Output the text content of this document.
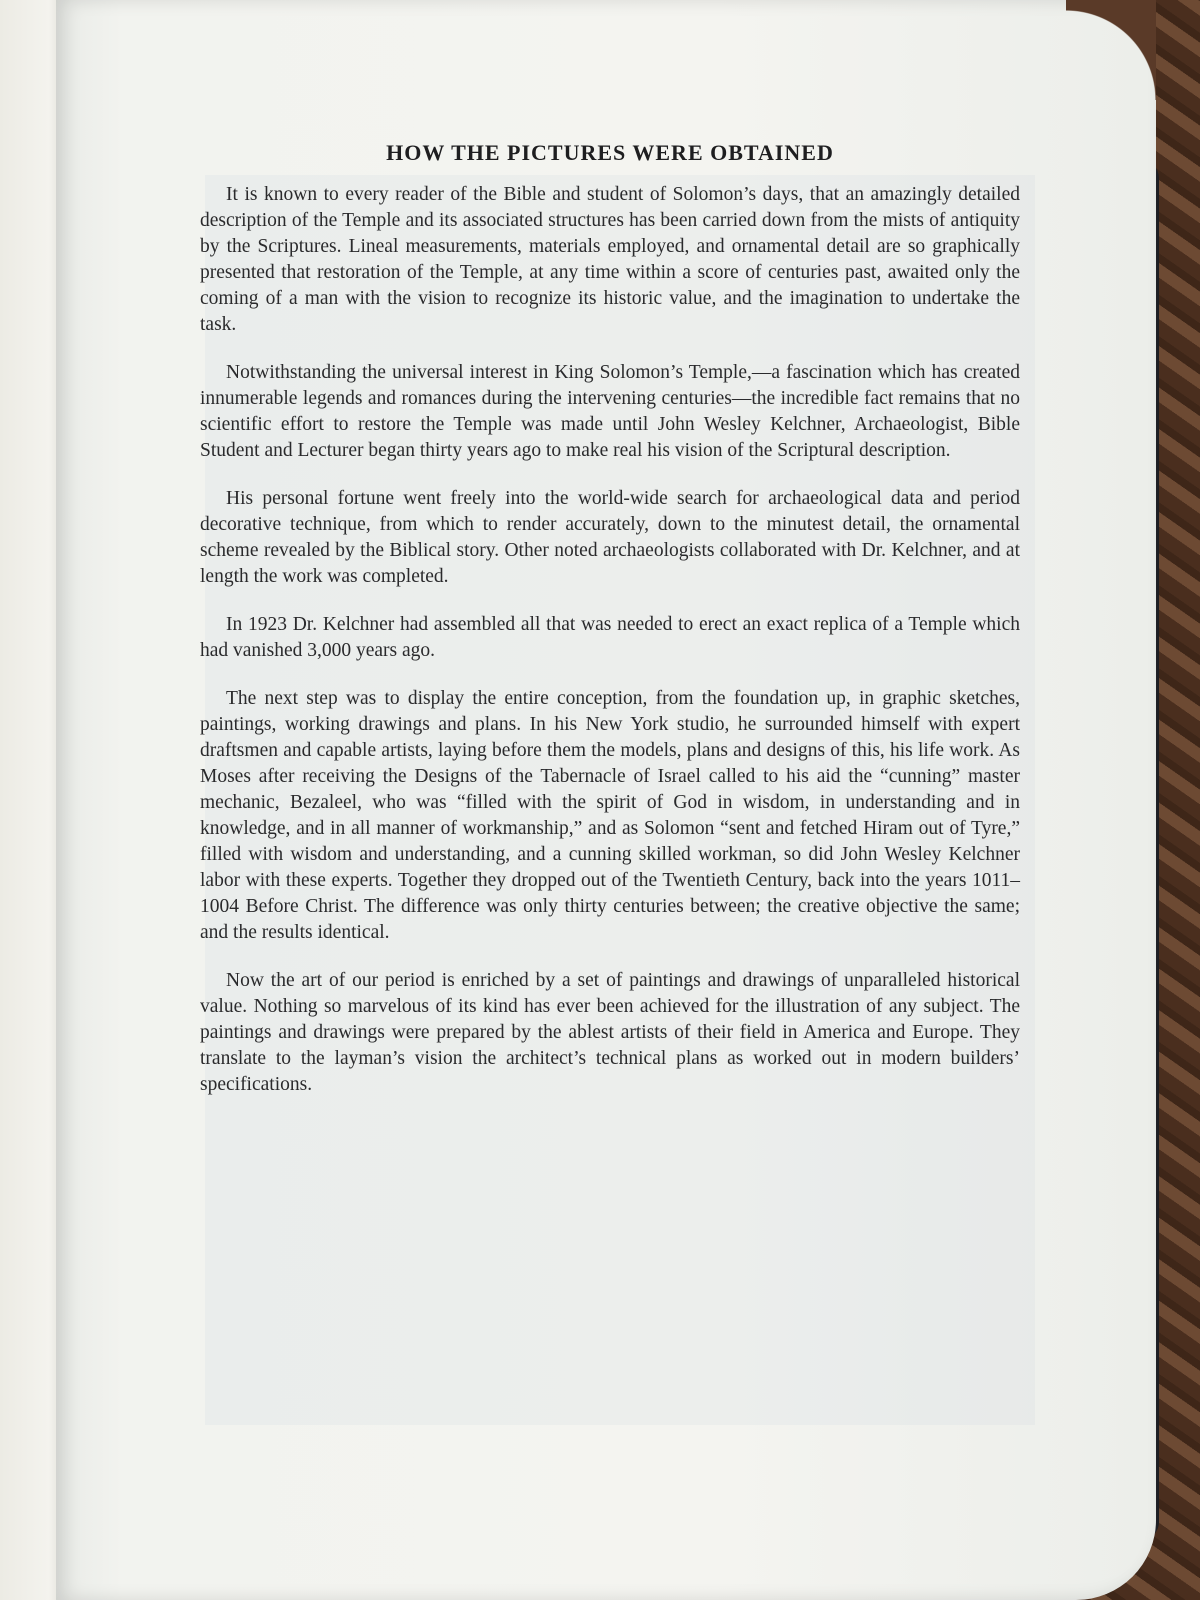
HOW THE PICTURES WERE OBTAINED

It is known to every reader of the Bible and student of Solomon’s days, that an amazingly detailed description of the Temple and its associated structures has been carried down from the mists of antiquity by the Scriptures. Lineal measurements, materials employed, and ornamental detail are so graphically presented that restoration of the Temple, at any time within a score of centuries past, awaited only the coming of a man with the vision to recognize its historic value, and the imagination to undertake the task.

Notwithstanding the universal interest in King Solomon’s Temple,—a fascination which has created innumerable legends and romances during the intervening centuries—the incredible fact remains that no scientific effort to restore the Temple was made until John Wesley Kelchner, Archaeologist, Bible Student and Lecturer began thirty years ago to make real his vision of the Scriptural description.

His personal fortune went freely into the world-wide search for archaeological data and period decorative technique, from which to render accurately, down to the minutest detail, the ornamental scheme revealed by the Biblical story. Other noted archaeologists collaborated with Dr. Kelchner, and at length the work was completed.

In 1923 Dr. Kelchner had assembled all that was needed to erect an exact replica of a Temple which had vanished 3,000 years ago.

The next step was to display the entire conception, from the foundation up, in graphic sketches, paintings, working drawings and plans. In his New York studio, he surrounded himself with expert draftsmen and capable artists, laying before them the models, plans and designs of this, his life work. As Moses after receiving the Designs of the Tabernacle of Israel called to his aid the “cunning” master mechanic, Bezaleel, who was “filled with the spirit of God in wisdom, in understanding and in knowledge, and in all manner of workmanship,” and as Solomon “sent and fetched Hiram out of Tyre,” filled with wisdom and understanding, and a cunning skilled workman, so did John Wesley Kelchner labor with these experts. Together they dropped out of the Twentieth Century, back into the years 1011–1004 Before Christ. The difference was only thirty centuries between; the creative objective the same; and the results identical.

Now the art of our period is enriched by a set of paintings and drawings of unparalleled historical value. Nothing so marvelous of its kind has ever been achieved for the illustration of any subject. The paintings and drawings were prepared by the ablest artists of their field in America and Europe. They translate to the layman’s vision the architect’s technical plans as worked out in modern builders’ specifications.
